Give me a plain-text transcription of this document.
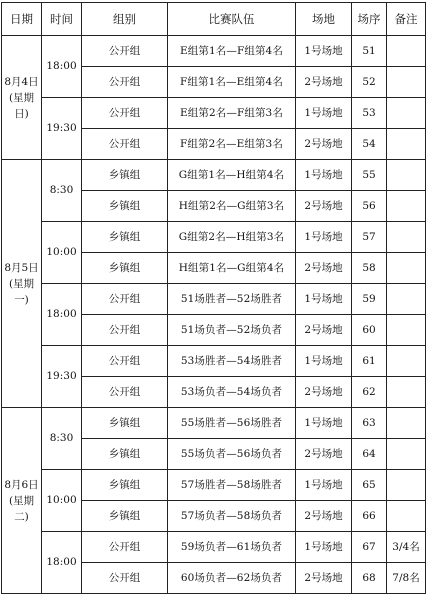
日期	时间	组别	比赛队伍	场地	场序	备注
8月4日(星期日)	18:00	公开组	E组第1名—F组第4名	1号场地	51	
		公开组	F组第1名—E组第4名	2号场地	52	
	19:30	公开组	E组第2名—F组第3名	1号场地	53	
		公开组	F组第2名—E组第3名	2号场地	54	
8月5日(星期一)	8:30	乡镇组	G组第1名—H组第4名	1号场地	55	
		乡镇组	H组第2名—G组第3名	2号场地	56	
	10:00	乡镇组	G组第2名—H组第3名	1号场地	57	
		乡镇组	H组第1名—G组第4名	2号场地	58	
	18:00	公开组	51场胜者—52场胜者	1号场地	59	
		公开组	51场负者—52场负者	2号场地	60	
	19:30	公开组	53场胜者—54场胜者	1号场地	61	
		公开组	53场负者—54场负者	2号场地	62	
8月6日(星期二)	8:30	乡镇组	55场胜者—56场胜者	1号场地	63	
		乡镇组	55场负者—56场负者	2号场地	64	
	10:00	乡镇组	57场胜者—58场胜者	1号场地	65	
		乡镇组	57场负者—58场负者	2号场地	66	
	18:00	公开组	59场负者—61场负者	1号场地	67	3/4名
		公开组	60场负者—62场负者	2号场地	68	7/8名
